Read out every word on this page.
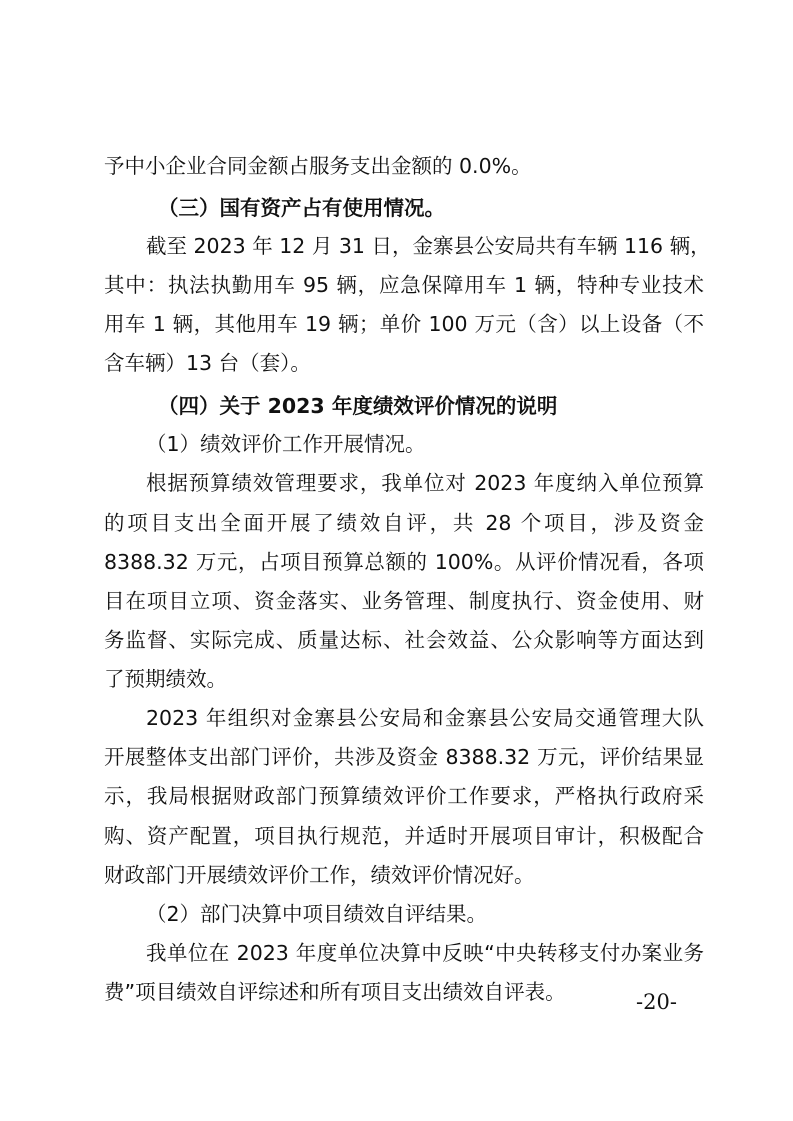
予中小企业合同金额占服务支出金额的 0.0%。
（三）国有资产占有使用情况。
截至 2023 年 12 月 31 日，金寨县公安局共有车辆 116 辆，
其中：执法执勤用车 95 辆，应急保障用车 1 辆，特种专业技术
用车 1 辆，其他用车 19 辆；单价 100 万元（含）以上设备（不
含车辆）13 台（套）。
（四）关于 2023 年度绩效评价情况的说明
（1）绩效评价工作开展情况。
根据预算绩效管理要求，我单位对 2023 年度纳入单位预算
的项目支出全面开展了绩效自评，共 28 个项目，涉及资金
8388.32 万元，占项目预算总额的 100%。从评价情况看，各项
目在项目立项、资金落实、业务管理、制度执行、资金使用、财
务监督、实际完成、质量达标、社会效益、公众影响等方面达到
了预期绩效。
2023 年组织对金寨县公安局和金寨县公安局交通管理大队
开展整体支出部门评价，共涉及资金 8388.32 万元，评价结果显
示，我局根据财政部门预算绩效评价工作要求，严格执行政府采
购、资产配置，项目执行规范，并适时开展项目审计，积极配合
财政部门开展绩效评价工作，绩效评价情况好。
（2）部门决算中项目绩效自评结果。
我单位在 2023 年度单位决算中反映“中央转移支付办案业务
费”项目绩效自评综述和所有项目支出绩效自评表。	-20-
